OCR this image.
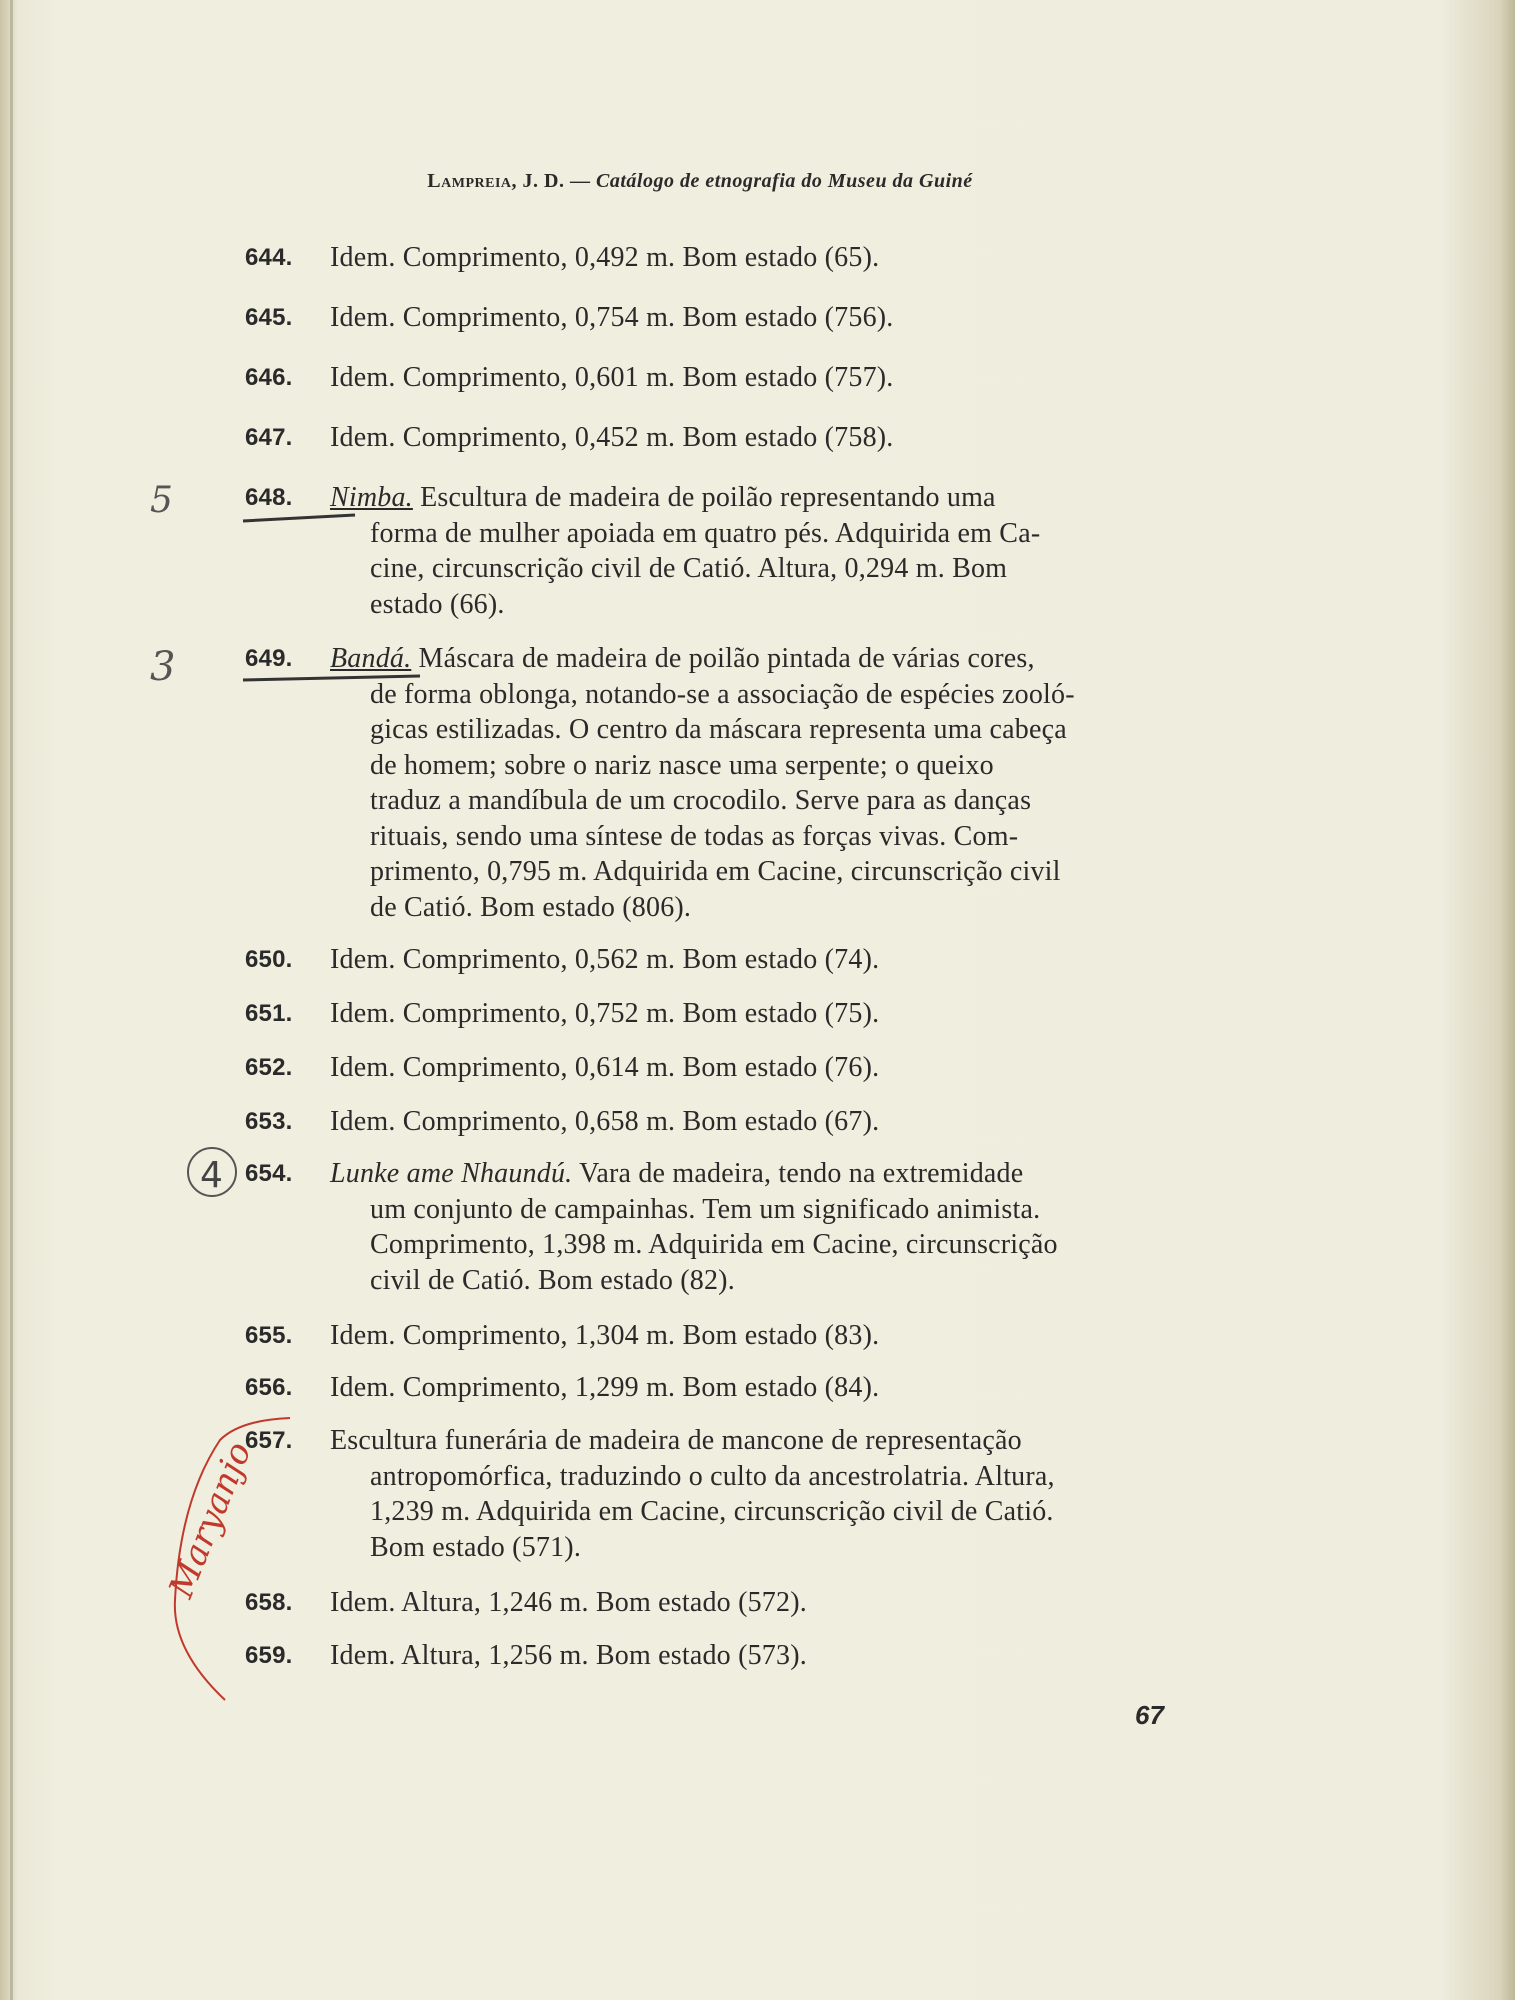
Lampreia, J. D. — Catálogo de etnografia do Museu da Guiné
644. Idem. Comprimento, 0,492 m. Bom estado (65).
645. Idem. Comprimento, 0,754 m. Bom estado (756).
646. Idem. Comprimento, 0,601 m. Bom estado (757).
647. Idem. Comprimento, 0,452 m. Bom estado (758).
648. Nimba. Escultura de madeira de poilão representando uma
forma de mulher apoiada em quatro pés. Adquirida em Ca-
cine, circunscrição civil de Catió. Altura, 0,294 m. Bom
estado (66).
649. Bandá. Máscara de madeira de poilão pintada de várias cores,
de forma oblonga, notando-se a associação de espécies zooló-
gicas estilizadas. O centro da máscara representa uma cabeça
de homem; sobre o nariz nasce uma serpente; o queixo
traduz a mandíbula de um crocodilo. Serve para as danças
rituais, sendo uma síntese de todas as forças vivas. Com-
primento, 0,795 m. Adquirida em Cacine, circunscrição civil
de Catió. Bom estado (806).
650. Idem. Comprimento, 0,562 m. Bom estado (74).
651. Idem. Comprimento, 0,752 m. Bom estado (75).
652. Idem. Comprimento, 0,614 m. Bom estado (76).
653. Idem. Comprimento, 0,658 m. Bom estado (67).
654. Lunke ame Nhaundú. Vara de madeira, tendo na extremidade
um conjunto de campainhas. Tem um significado animista.
Comprimento, 1,398 m. Adquirida em Cacine, circunscrição
civil de Catió. Bom estado (82).
655. Idem. Comprimento, 1,304 m. Bom estado (83).
656. Idem. Comprimento, 1,299 m. Bom estado (84).
657. Escultura funerária de madeira de mancone de representação
antropomórfica, traduzindo o culto da ancestrolatria. Altura,
1,239 m. Adquirida em Cacine, circunscrição civil de Catió.
Bom estado (571).
658. Idem. Altura, 1,246 m. Bom estado (572).
659. Idem. Altura, 1,256 m. Bom estado (573).
67
5
3
4
Maryanjo
